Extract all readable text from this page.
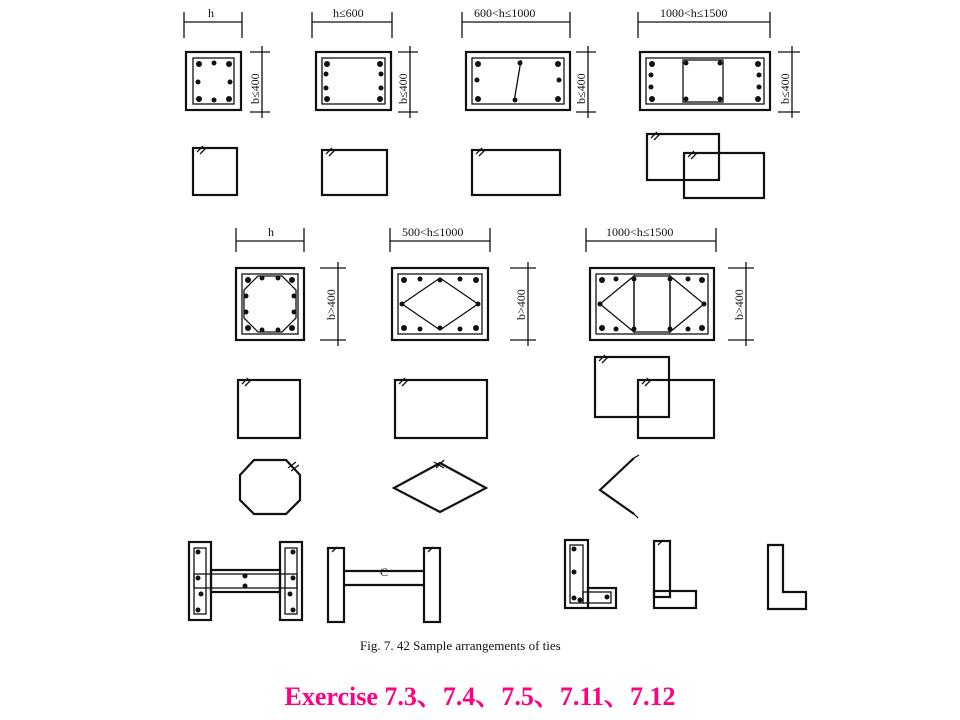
h	h≤600	600<h≤1000	1000<h≤1500
b≤400	b≤400	b≤400	b≤400
h	500<h≤1000	1000<h≤1500
b>400	b>400	b>400
C
Fig. 7. 42 Sample arrangements of ties
Exercise 7.3、7.4、7.5、7.11、7.12
